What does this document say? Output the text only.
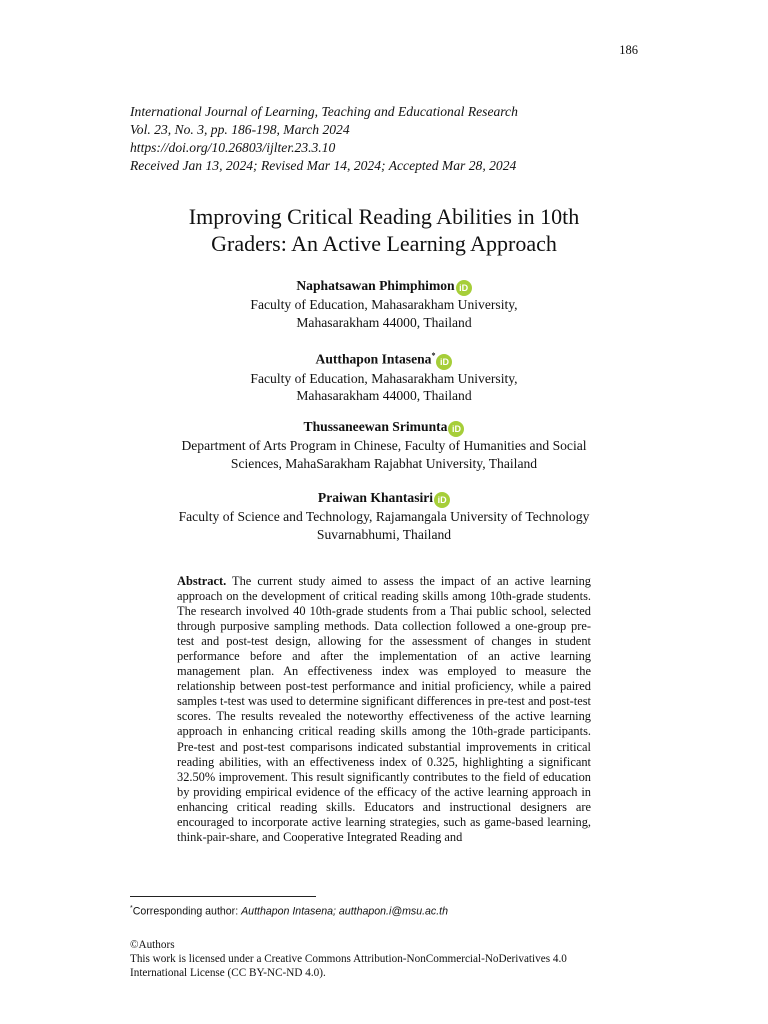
186
International Journal of Learning, Teaching and Educational Research
Vol. 23, No. 3, pp. 186-198, March 2024
https://doi.org/10.26803/ijlter.23.3.10
Received Jan 13, 2024; Revised Mar 14, 2024; Accepted Mar 28, 2024
Improving Critical Reading Abilities in 10th
Graders: An Active Learning Approach
Naphatsawan Phimphimon iD
Faculty of Education, Mahasarakham University,
Mahasarakham 44000, Thailand
Autthapon Intasena*iD
Faculty of Education, Mahasarakham University,
Mahasarakham 44000, Thailand
Thussaneewan Srimunta iD
Department of Arts Program in Chinese, Faculty of Humanities and Social
Sciences, MahaSarakham Rajabhat University, Thailand
Praiwan Khantasiri iD
Faculty of Science and Technology, Rajamangala University of Technology
Suvarnabhumi, Thailand
Abstract. The current study aimed to assess the impact of an active learning approach on the development of critical reading skills among 10th-grade students. The research involved 40 10th-grade students from a Thai public school, selected through purposive sampling methods. Data collection followed a one-group pre-test and post-test design, allowing for the assessment of changes in student performance before and after the implementation of an active learning management plan. An effectiveness index was employed to measure the relationship between post-test performance and initial proficiency, while a paired samples t-test was used to determine significant differences in pre-test and post-test scores. The results revealed the noteworthy effectiveness of the active learning approach in enhancing critical reading skills among the 10th-grade participants. Pre-test and post-test comparisons indicated substantial improvements in critical reading abilities, with an effectiveness index of 0.325, highlighting a significant 32.50% improvement. This result significantly contributes to the field of education by providing empirical evidence of the efficacy of the active learning approach in enhancing critical reading skills. Educators and instructional designers are encouraged to incorporate active learning strategies, such as game-based learning, think-pair-share, and Cooperative Integrated Reading and
*Corresponding author: Autthapon Intasena; autthapon.i@msu.ac.th
©Authors
This work is licensed under a Creative Commons Attribution-NonCommercial-NoDerivatives 4.0
International License (CC BY-NC-ND 4.0).
